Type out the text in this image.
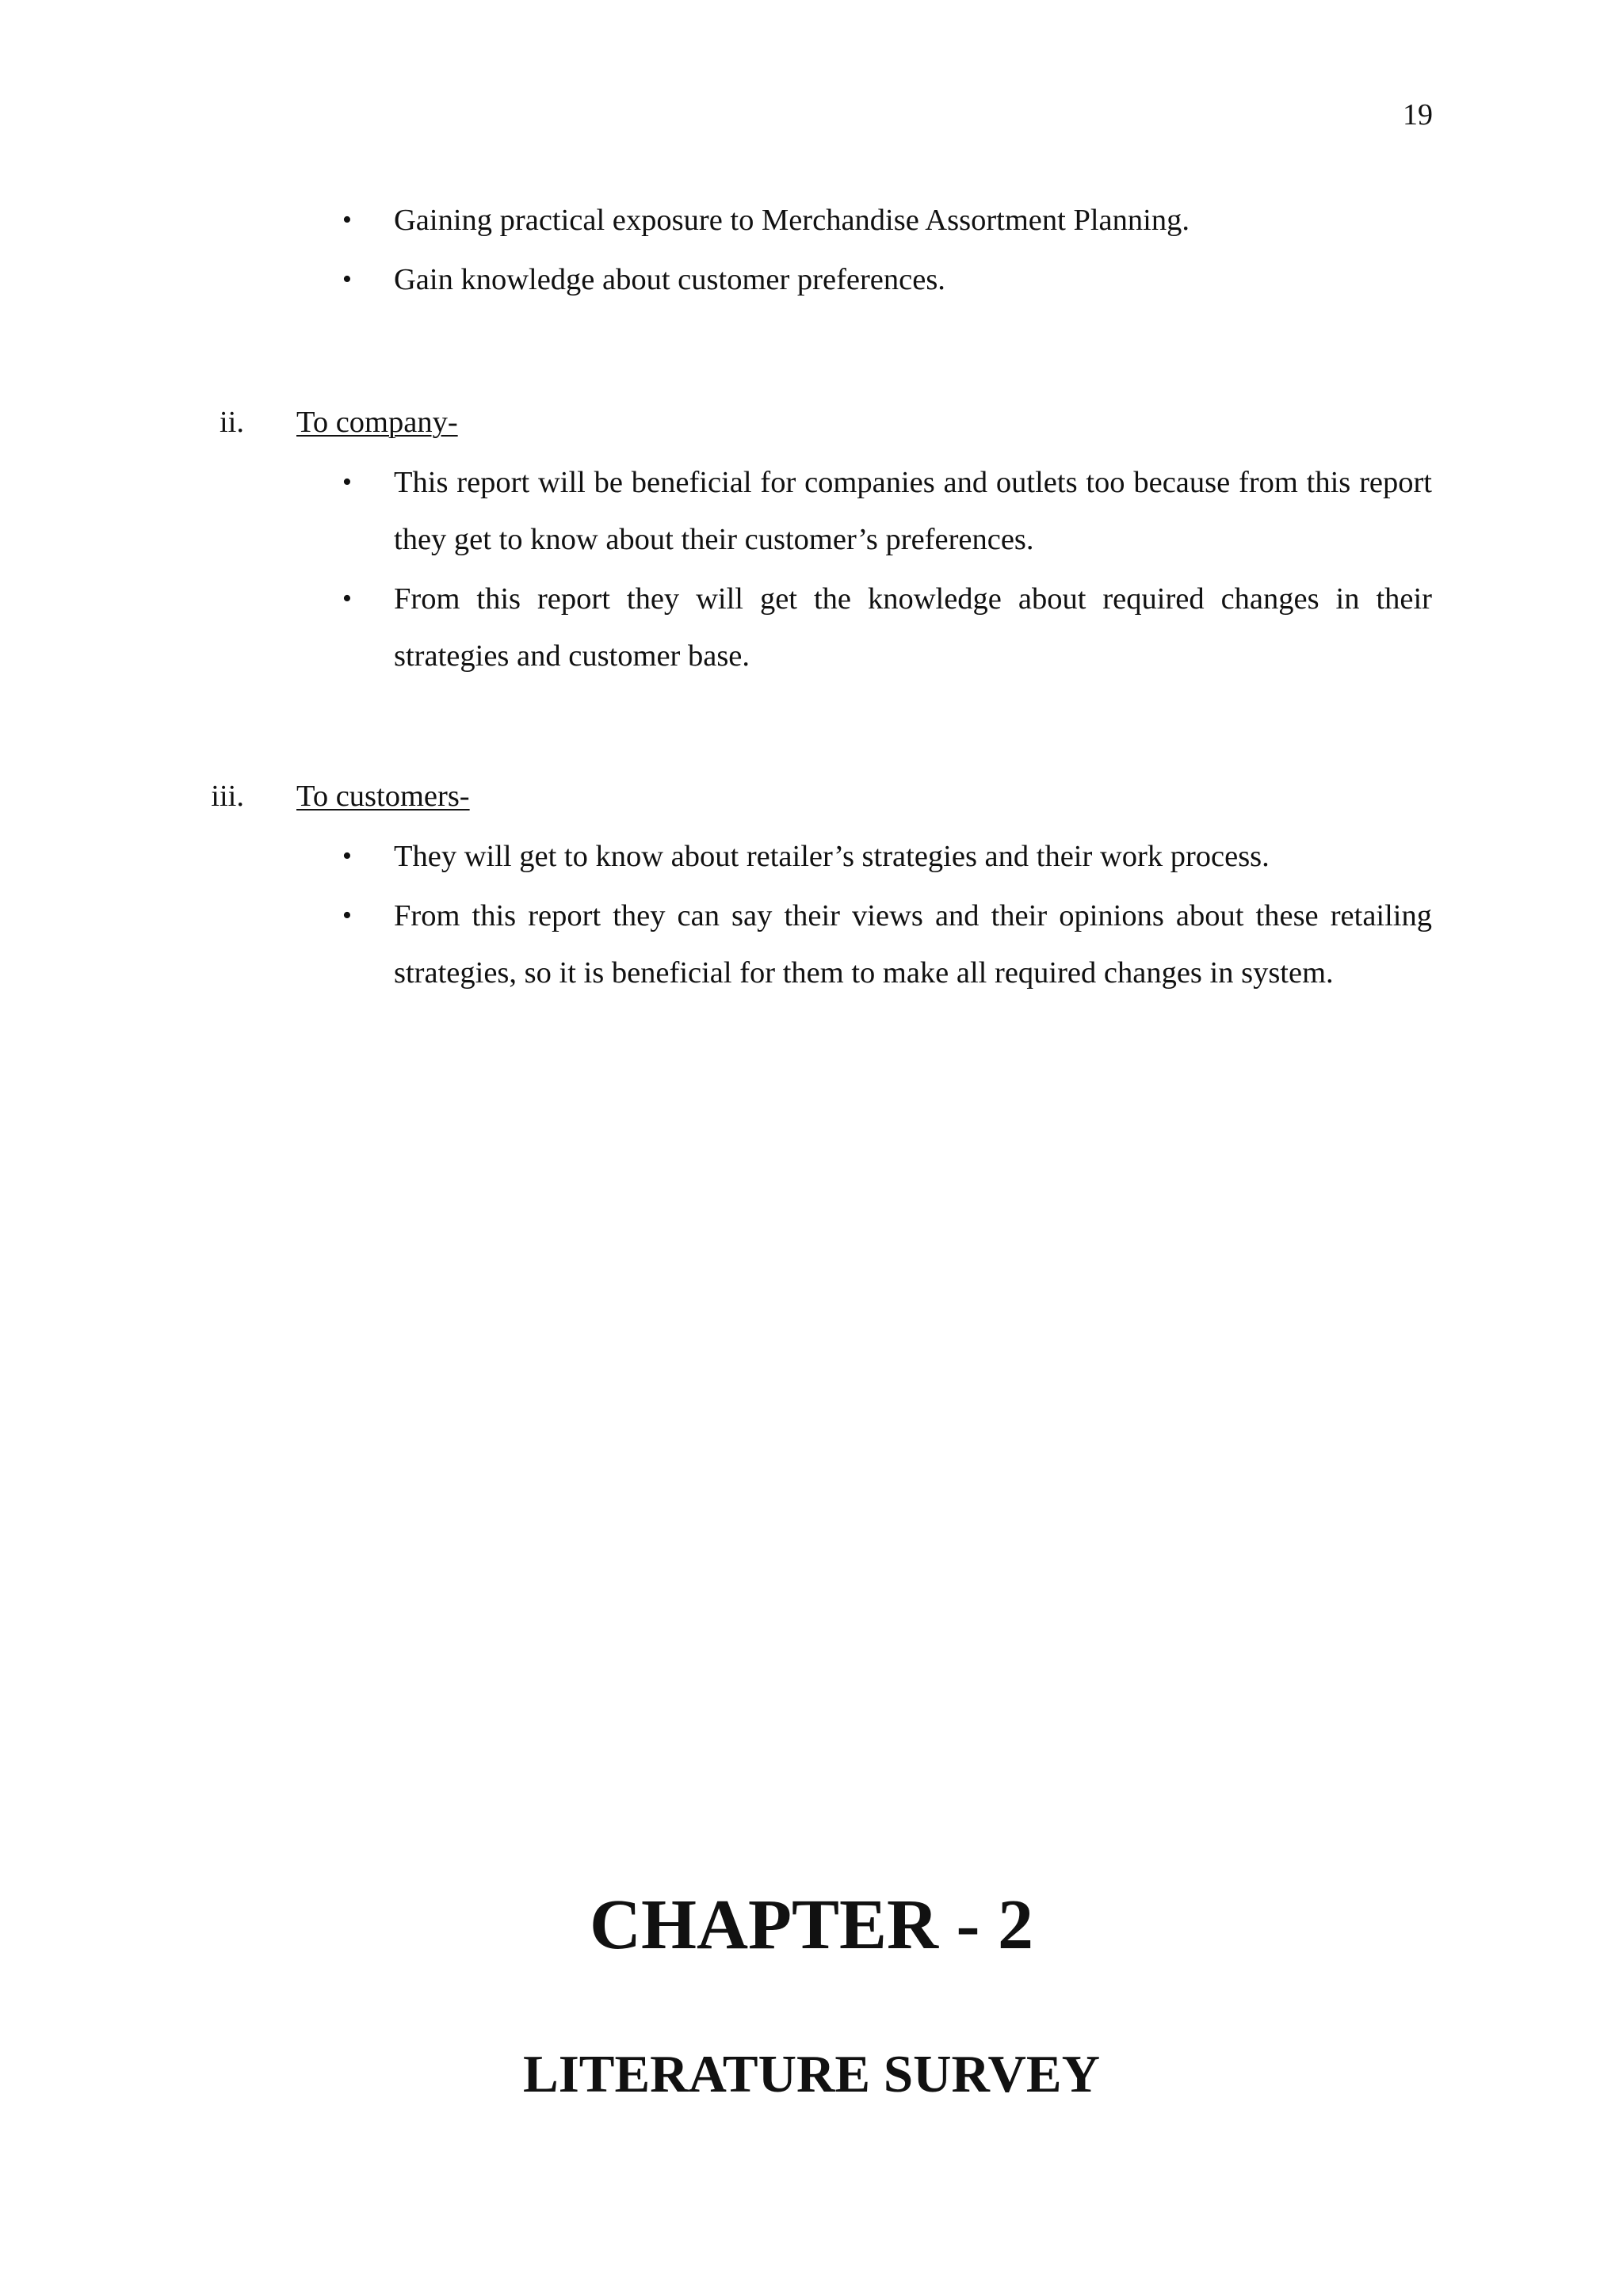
19
• Gaining practical exposure to Merchandise Assortment Planning.
• Gain knowledge about customer preferences.
ii. To company-
• This report will be beneficial for companies and outlets too because from this report they get to know about their customer’s preferences.
• From this report they will get the knowledge about required changes in their strategies and customer base.
iii. To customers-
• They will get to know about retailer’s strategies and their work process.
• From this report they can say their views and their opinions about these retailing strategies, so it is beneficial for them to make all required changes in system.
CHAPTER - 2
LITERATURE SURVEY
